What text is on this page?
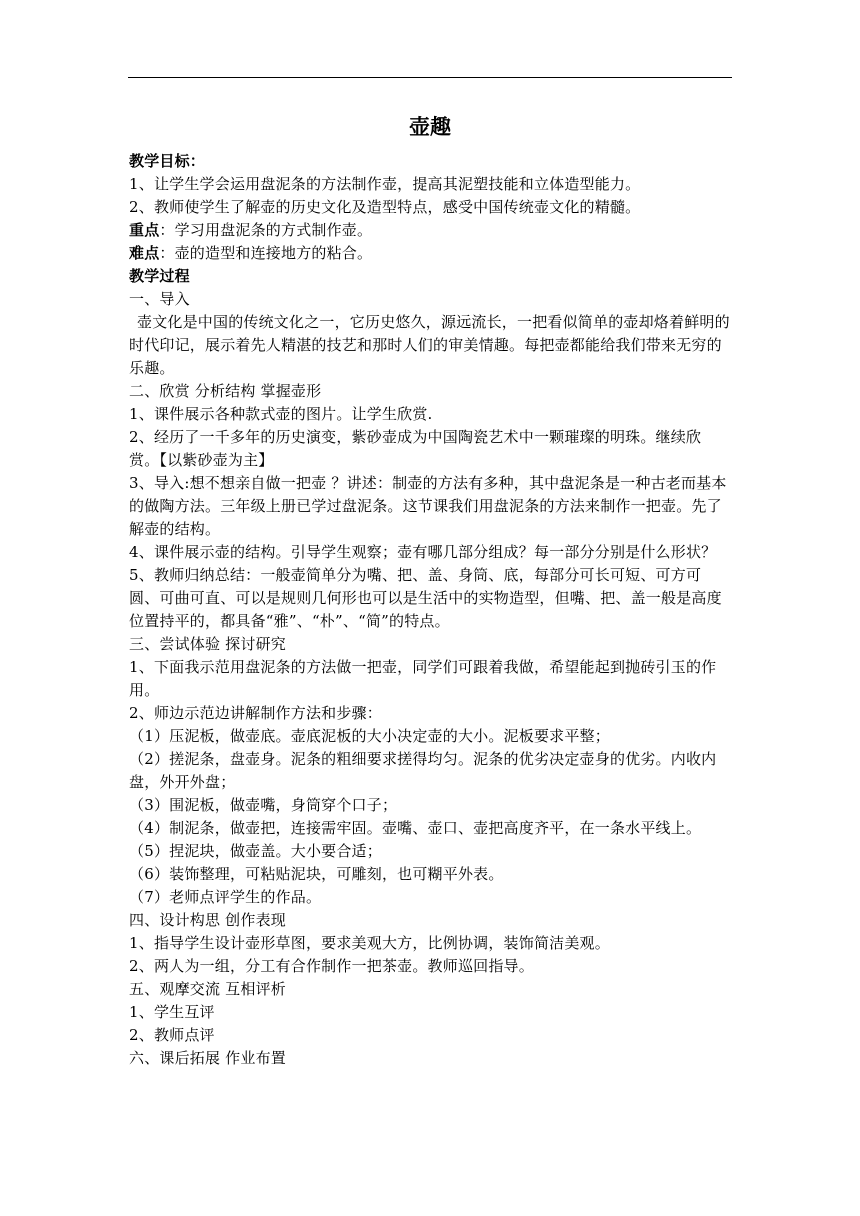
壶趣

教学目标：

1、让学生学会运用盘泥条的方法制作壶，提高其泥塑技能和立体造型能力。

2、教师使学生了解壶的历史文化及造型特点，感受中国传统壶文化的精髓。

重点：学习用盘泥条的方式制作壶。

难点：壶的造型和连接地方的粘合。

教学过程

一、导入

壶文化是中国的传统文化之一，它历史悠久，源远流长，一把看似简单的壶却烙着鲜明的时代印记，展示着先人精湛的技艺和那时人们的审美情趣。每把壶都能给我们带来无穷的乐趣。

二、欣赏 分析结构 掌握壶形

1、课件展示各种款式壶的图片。让学生欣赏.

2、经历了一千多年的历史演变，紫砂壶成为中国陶瓷艺术中一颗璀璨的明珠。继续欣赏。【以紫砂壶为主】

3、导入:想不想亲自做一把壶 ？讲述：制壶的方法有多种，其中盘泥条是一种古老而基本的做陶方法。三年级上册已学过盘泥条。这节课我们用盘泥条的方法来制作一把壶。先了解壶的结构。

4、课件展示壶的结构。引导学生观察；壶有哪几部分组成？每一部分分别是什么形状？

5、教师归纳总结：一般壶简单分为嘴、把、盖、身筒、底，每部分可长可短、可方可圆、可曲可直、可以是规则几何形也可以是生活中的实物造型，但嘴、把、盖一般是高度位置持平的，都具备“雅”、“朴”、“简”的特点。

三、尝试体验 探讨研究

1、下面我示范用盘泥条的方法做一把壶，同学们可跟着我做，希望能起到抛砖引玉的作用。

2、师边示范边讲解制作方法和步骤：

（1）压泥板，做壶底。壶底泥板的大小决定壶的大小。泥板要求平整；

（2）搓泥条，盘壶身。泥条的粗细要求搓得均匀。泥条的优劣决定壶身的优劣。内收内盘，外开外盘；

（3）围泥板，做壶嘴，身筒穿个口子；

（4）制泥条，做壶把，连接需牢固。壶嘴、壶口、壶把高度齐平，在一条水平线上。

（5）捏泥块，做壶盖。大小要合适；

（6）装饰整理，可粘贴泥块，可雕刻，也可糊平外表。

（7）老师点评学生的作品。

四、设计构思 创作表现

1、指导学生设计壶形草图，要求美观大方，比例协调，装饰简洁美观。

2、两人为一组，分工有合作制作一把茶壶。教师巡回指导。

五、观摩交流 互相评析

1、学生互评

2、教师点评

六、课后拓展 作业布置
